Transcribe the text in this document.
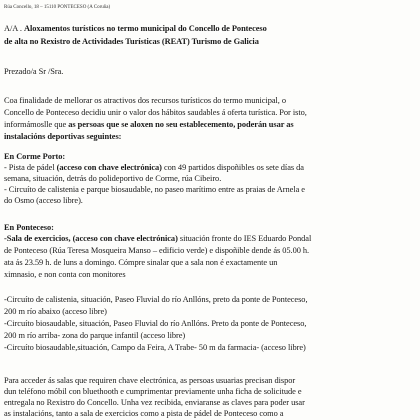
Rúa Concello, 18 – 15110 PONTECESO (A Coruña)

A/A . Aloxamentos turísticos no termo municipal do Concello de Ponteceso

de alta no Rexistro de Actividades Turísticas (REAT) Turismo de Galicia

Prezado/a Sr /Sra.

Coa finalidade de mellorar os atractivos dos recursos turísticos do termo municipal, o

Concello de Ponteceso decidiu unir o valor dos hábitos saudables á oferta turística. Por isto,

informámoslle que as persoas que se aloxen no seu establecemento, poderán usar as

instalacións deportivas seguintes:

En Corme Porto:

- Pista de pádel (acceso con chave electrónica) con 49 partidos dispoñibles os sete días da

semana, situación, detrás do polideportivo de Corme, rúa Cibeiro.

- Circuíto de calistenia e parque biosaudable, no paseo marítimo entre as praias de Arnela e

do Osmo (acceso libre).

En Ponteceso:

-Sala de exercicios, (acceso con chave electrónica) situación fronte do IES Eduardo Pondal

de Ponteceso (Rúa Teresa Mosqueira Manso – edificio verde) e dispoñible dende ás 05.00 h.

ata ás 23.59 h. de luns a domingo. Cómpre sinalar que a sala non é exactamente un

ximnasio, e non conta con monitores

-Circuíto de calistenia, situación, Paseo Fluvial do río Anllóns, preto da ponte de Ponteceso,

200 m río abaixo (acceso libre)

-Circuíto biosaudable, situación, Paseo Fluvial do río Anllóns. Preto da ponte de Ponteceso,

200 m río arriba- zona do parque infantil (acceso libre)

-Circuíto biosaudable,situación, Campo da Feira, A Trabe- 50 m da farmacia- (acceso libre)

Para acceder ás salas que requiren chave electrónica, as persoas usuarias precisan dispor

dun teléfono móbil con bluethooth e cumprimentar previamente unha ficha de solicitude e

entregala no Rexistro do Concello. Unha vez recibida, enviaranse as claves para poder usar

as instalacións, tanto a sala de exercicios como a pista de pádel de Ponteceso como a
